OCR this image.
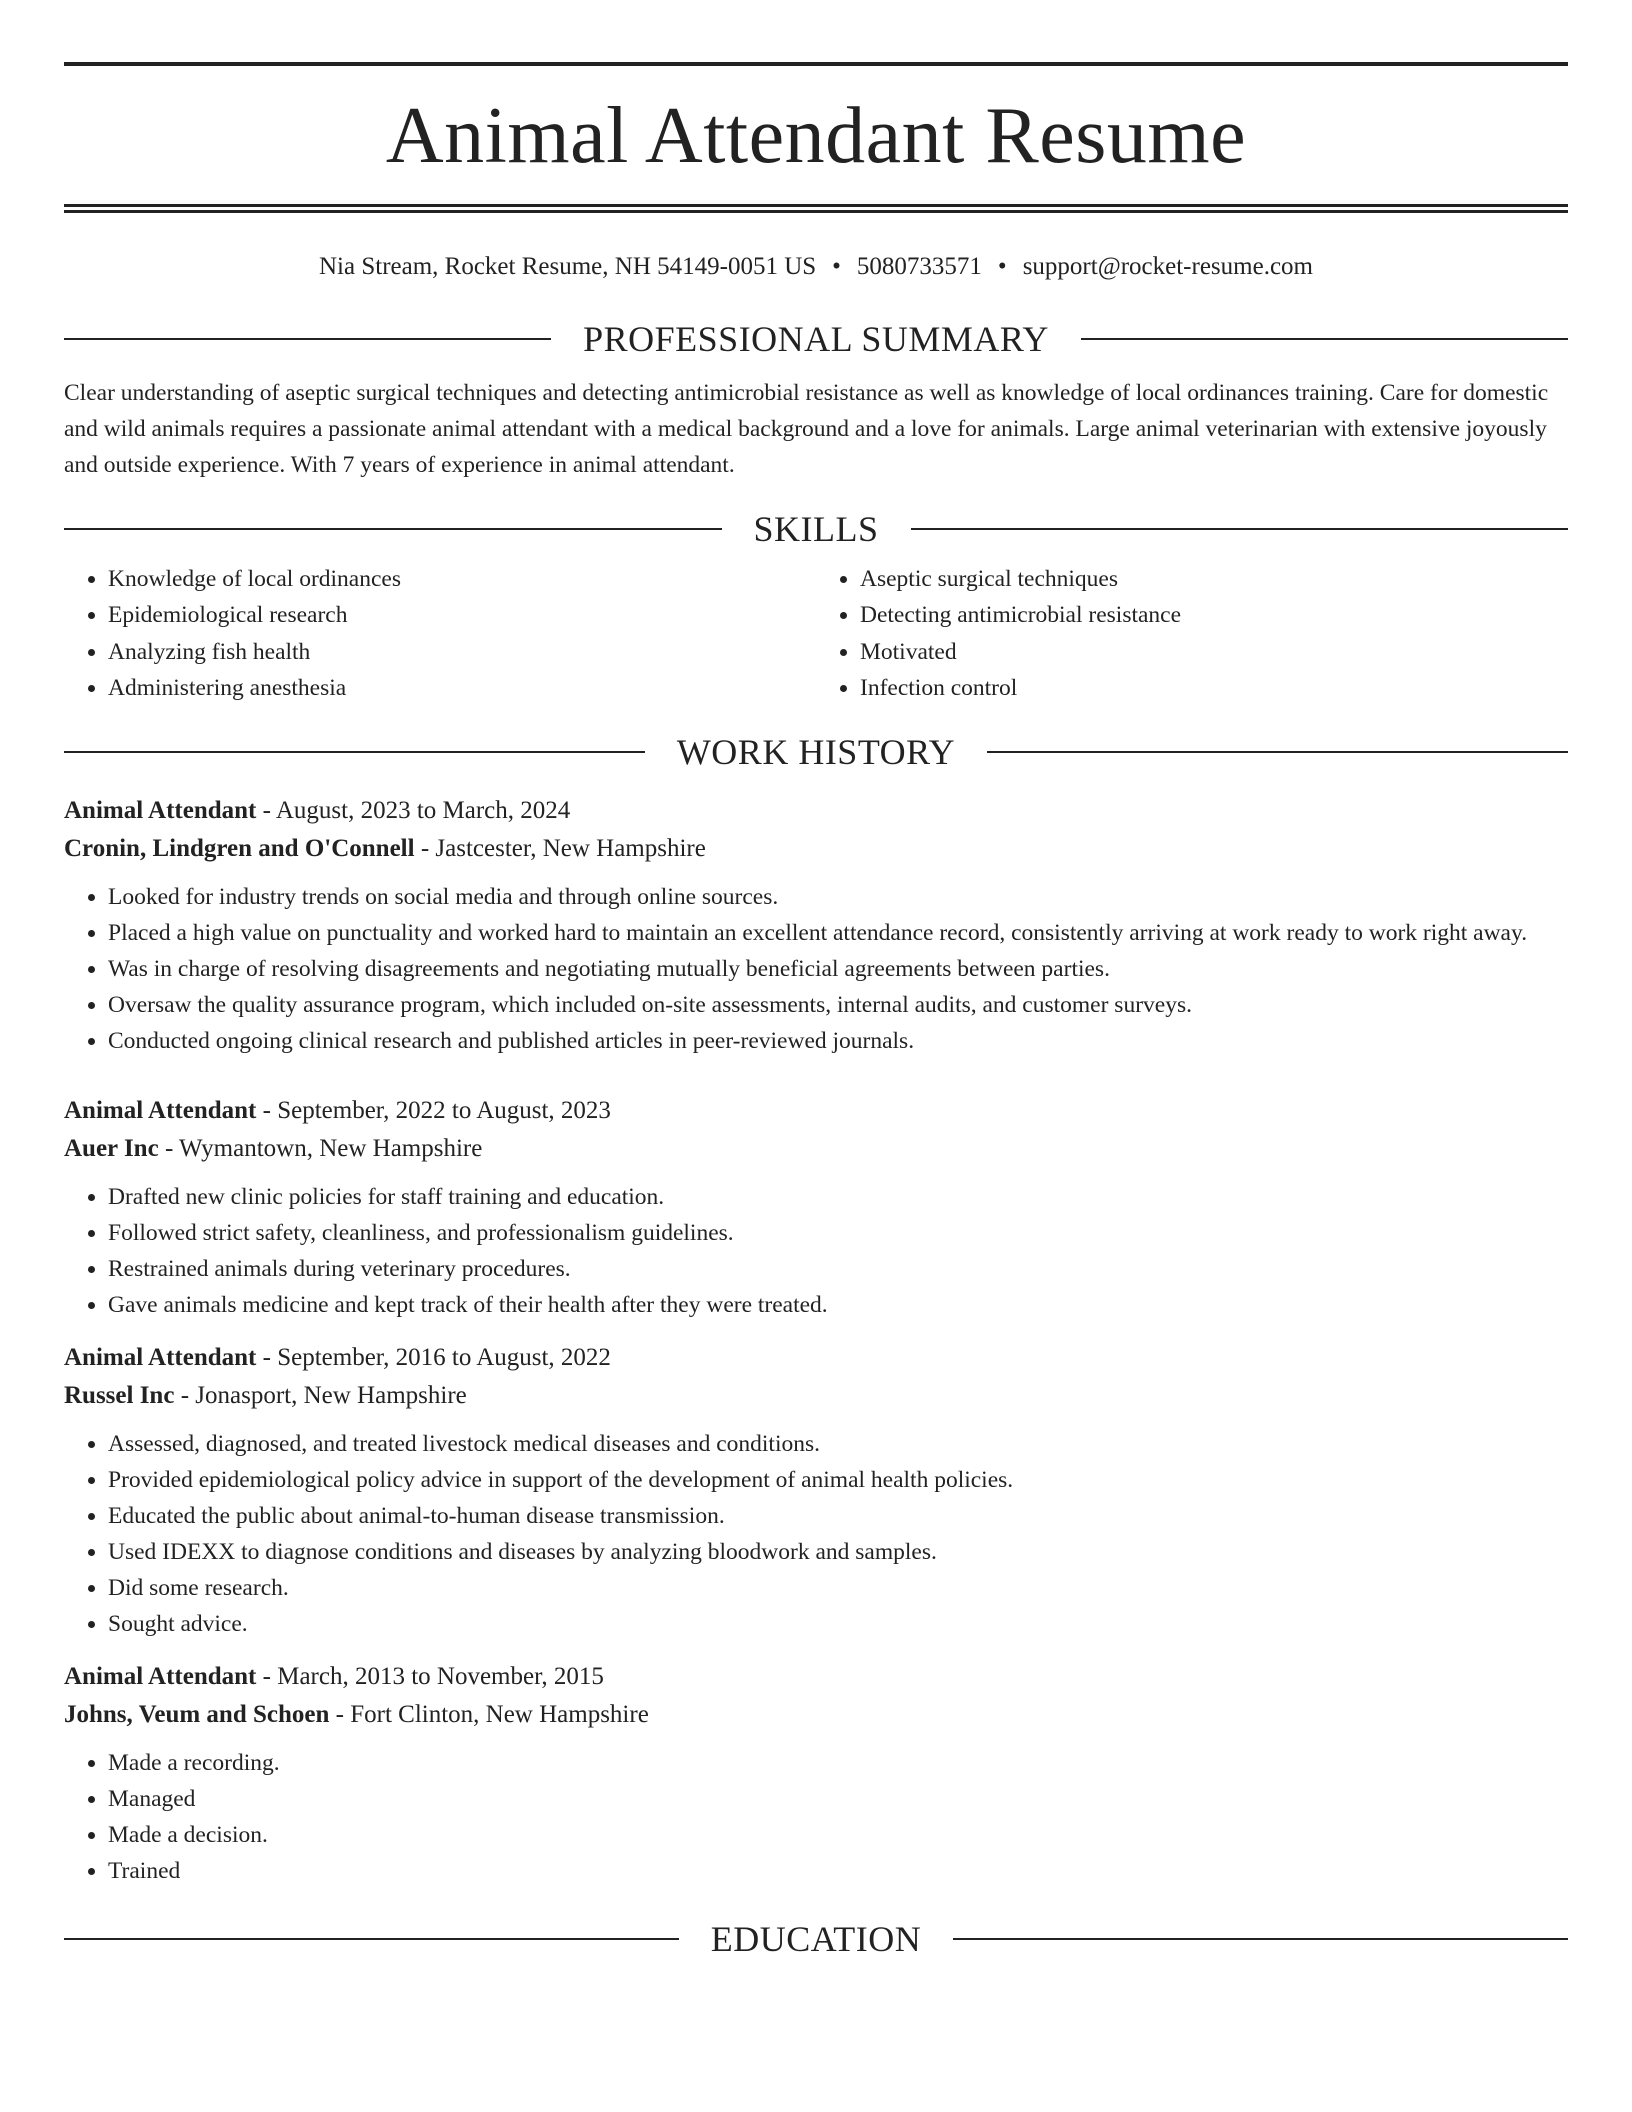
Animal Attendant Resume
Nia Stream, Rocket Resume, NH 54149-0051 US • 5080733571 • support@rocket-resume.com
PROFESSIONAL SUMMARY
Clear understanding of aseptic surgical techniques and detecting antimicrobial resistance as well as knowledge of local ordinances training. Care for domestic and wild animals requires a passionate animal attendant with a medical background and a love for animals. Large animal veterinarian with extensive joyously and outside experience. With 7 years of experience in animal attendant.
SKILLS
• Knowledge of local ordinances
• Epidemiological research
• Analyzing fish health
• Administering anesthesia
• Aseptic surgical techniques
• Detecting antimicrobial resistance
• Motivated
• Infection control
WORK HISTORY
Animal Attendant - August, 2023 to March, 2024
Cronin, Lindgren and O'Connell - Jastcester, New Hampshire
• Looked for industry trends on social media and through online sources.
• Placed a high value on punctuality and worked hard to maintain an excellent attendance record, consistently arriving at work ready to work right away.
• Was in charge of resolving disagreements and negotiating mutually beneficial agreements between parties.
• Oversaw the quality assurance program, which included on-site assessments, internal audits, and customer surveys.
• Conducted ongoing clinical research and published articles in peer-reviewed journals.
Animal Attendant - September, 2022 to August, 2023
Auer Inc - Wymantown, New Hampshire
• Drafted new clinic policies for staff training and education.
• Followed strict safety, cleanliness, and professionalism guidelines.
• Restrained animals during veterinary procedures.
• Gave animals medicine and kept track of their health after they were treated.
Animal Attendant - September, 2016 to August, 2022
Russel Inc - Jonasport, New Hampshire
• Assessed, diagnosed, and treated livestock medical diseases and conditions.
• Provided epidemiological policy advice in support of the development of animal health policies.
• Educated the public about animal-to-human disease transmission.
• Used IDEXX to diagnose conditions and diseases by analyzing bloodwork and samples.
• Did some research.
• Sought advice.
Animal Attendant - March, 2013 to November, 2015
Johns, Veum and Schoen - Fort Clinton, New Hampshire
• Made a recording.
• Managed
• Made a decision.
• Trained
EDUCATION
